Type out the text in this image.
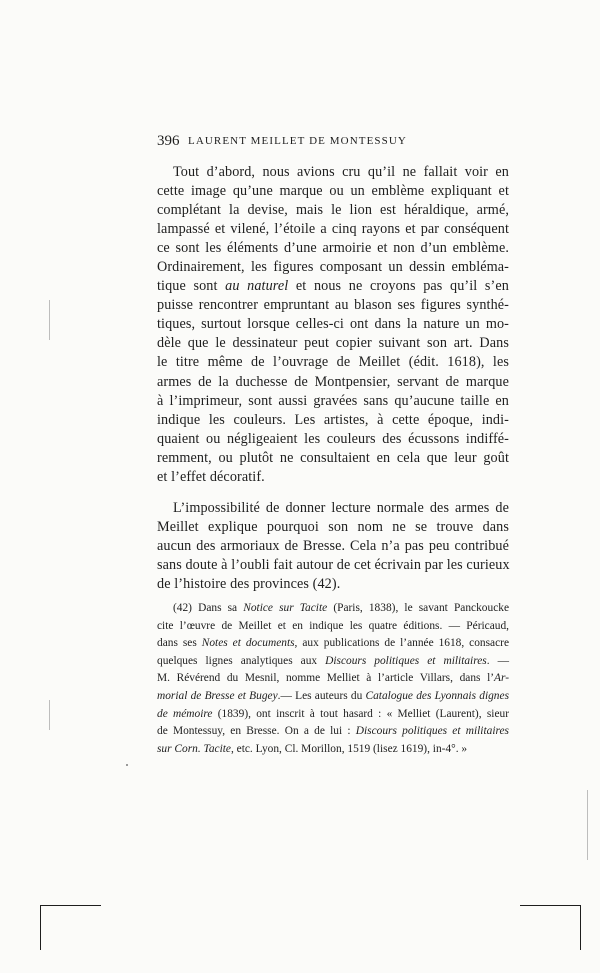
396 LAURENT MEILLET DE MONTESSUY
Tout d’abord, nous avions cru qu’il ne fallait voir en
cette image qu’une marque ou un emblème expliquant et
complétant la devise, mais le lion est héraldique, armé,
lampassé et vilené, l’étoile a cinq rayons et par conséquent
ce sont les éléments d’une armoirie et non d’un emblème.
Ordinairement, les figures composant un dessin emblémа-
tique sont au naturel et nous ne croyons pas qu’il s’en
puisse rencontrer empruntant au blason ses figures synthé-
tiques, surtout lorsque celles-ci ont dans la nature un mo-
dèle que le dessinateur peut copier suivant son art. Dans
le titre même de l’ouvrage de Meillet (édit. 1618), les
armes de la duchesse de Montpensier, servant de marque
à l’imprimeur, sont aussi gravées sans qu’aucune taille en
indique les couleurs. Les artistes, à cette époque, indi-
quaient ou négligeaient les couleurs des écussons indiffé-
remment, ou plutôt ne consultaient en cela que leur goût
et l’effet décoratif.
L’impossibilité de donner lecture normale des armes de
Meillet explique pourquoi son nom ne se trouve dans
aucun des armoriaux de Bresse. Cela n’a pas peu contribué
sans doute à l’oubli fait autour de cet écrivain par les curieux
de l’histoire des provinces (42).
(42) Dans sa Notice sur Tacite (Paris, 1838), le savant Panckoucke
cite l’œuvre de Meillet et en indique les quatre éditions. — Péricaud,
dans ses Notes et documents, aux publications de l’année 1618, consacre
quelques lignes analytiques aux Discours politiques et militaires. —
M. Révérend du Mesnil, nomme Melliet à l’article Villars, dans l’Ar-
morial de Bresse et Bugey.— Les auteurs du Catalogue des Lyonnais dignes
de mémoire (1839), ont inscrit à tout hasard : « Melliet (Laurent), sieur
de Montessuy, en Bresse. On a de lui : Discours politiques et militaires
sur Corn. Tacite, etc. Lyon, Cl. Morillon, 1519 (lisez 1619), in-4°. »
